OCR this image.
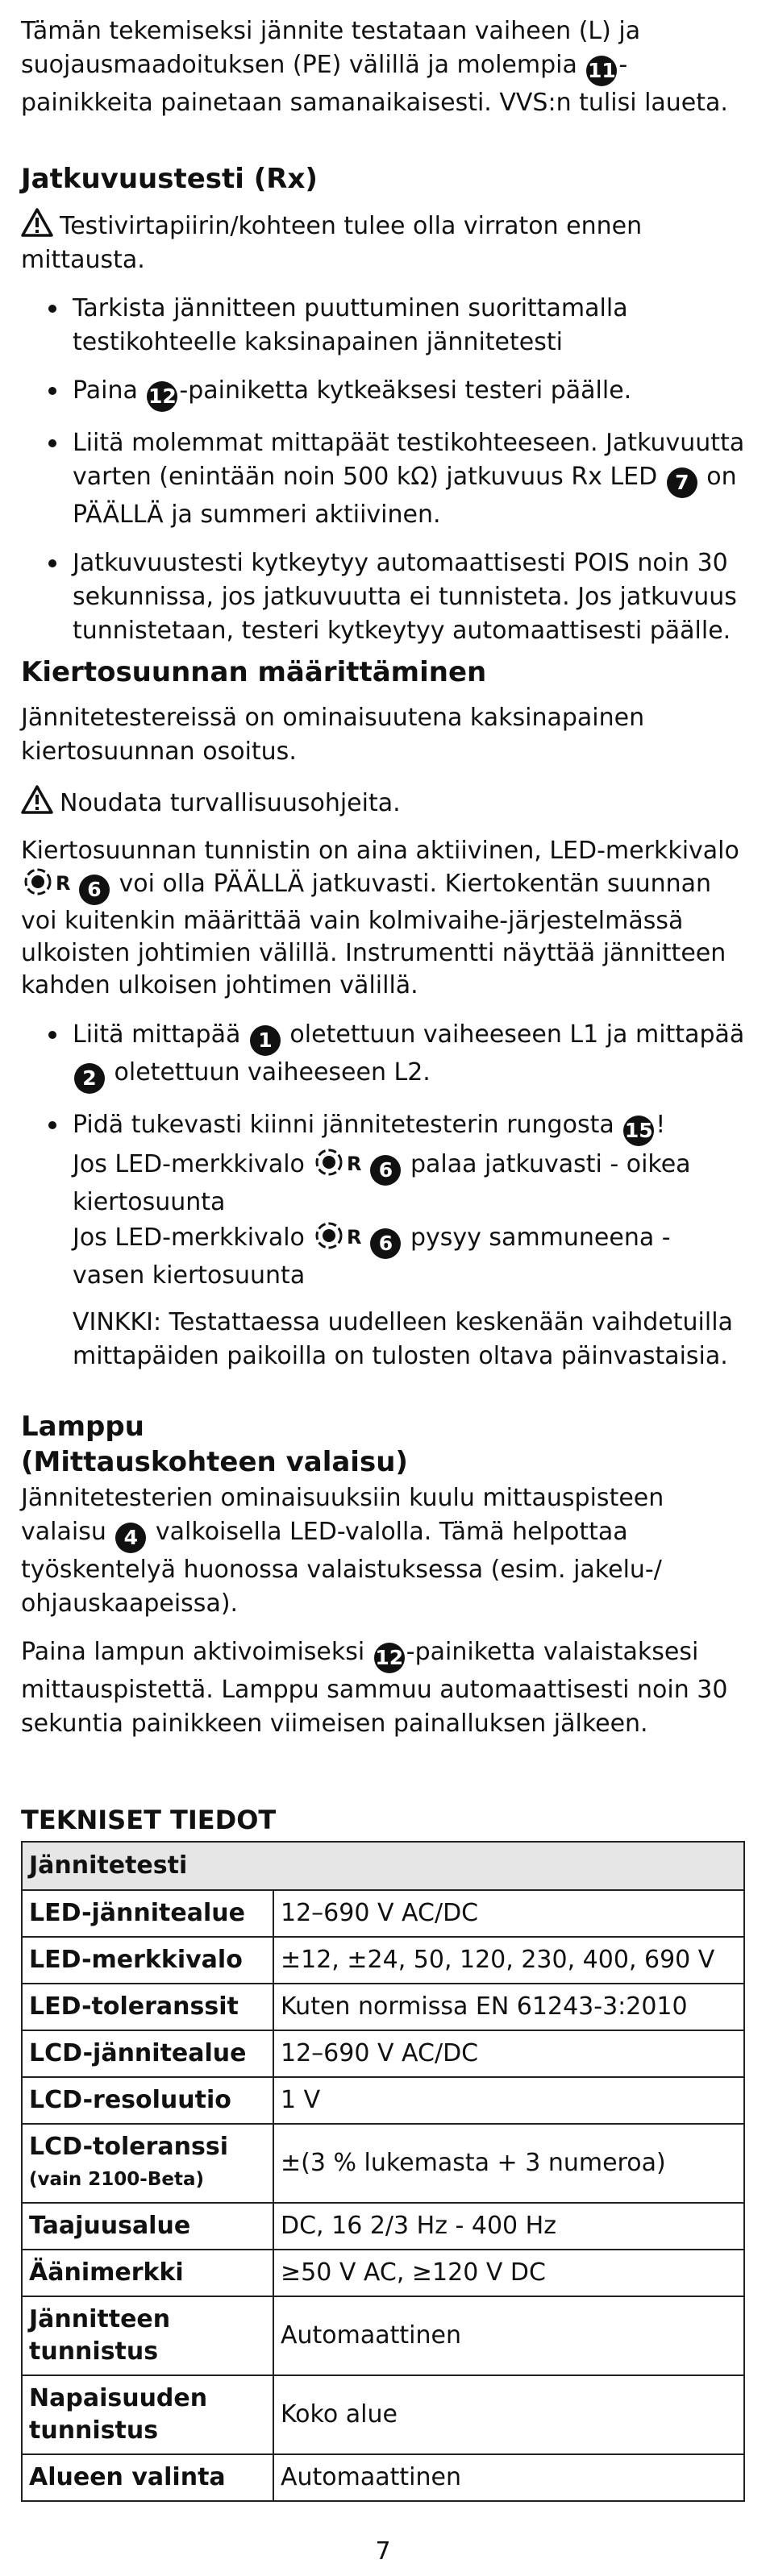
Tämän tekemiseksi jännite testataan vaiheen (L) ja suojausmaadoituksen (PE) välillä ja molempia 11 -painikkeita painetaan samanaikaisesti. VVS:n tulisi laueta.

Jatkuvuustesti (Rx)

Testivirtapiirin/kohteen tulee olla virraton ennen mittausta.

Tarkista jännitteen puuttuminen suorittamalla testikohteelle kaksinapainen jännitetesti
Paina 12 -painiketta kytkeäksesi testeri päälle.
Liitä molemmat mittapäät testikohteeseen. Jatkuvuutta varten (enintään noin 500 kΩ) jatkuvuus Rx LED 7 on PÄÄLLÄ ja summeri aktiivinen.
Jatkuvuustesti kytkeytyy automaattisesti POIS noin 30 sekunnissa, jos jatkuvuutta ei tunnisteta. Jos jatkuvuus tunnistetaan, testeri kytkeytyy automaattisesti päälle.
Kiertosuunnan määrittäminen

Jännitetestereissä on ominaisuutena kaksinapainen kiertosuunnan osoitus.

Noudata turvallisuusohjeita.

Kiertosuunnan tunnistin on aina aktiivinen, LED-merkkivalo
R 6 voi olla PÄÄLLÄ jatkuvasti. Kiertokentän suunnan voi kuitenkin määrittää vain kolmivaihe-järjestelmässä ulkoisten johtimien välillä. Instrumentti näyttää jännitteen kahden ulkoisen johtimen välillä.

Liitä mittapää 1 oletettuun vaiheeseen L1 ja mittapää 2 oletettuun vaiheeseen L2.
Pidä tukevasti kiinni jännitetesterin rungosta 15 !
Jos LED-merkkivalo R 6 palaa jatkuvasti - oikea kiertosuunta
Jos LED-merkkivalo R 6 pysyy sammuneena - vasen kiertosuunta
VINKKI: Testattaessa uudelleen keskenään vaihdetuilla mittapäiden paikoilla on tulosten oltava päinvastaisia.
Lamppu
(Mittauskohteen valaisu)

Jännitetesterien ominaisuuksiin kuulu mittauspisteen valaisu 4 valkoisella LED-valolla. Tämä helpottaa työskentelyä huonossa valaistuksessa (esim. jakelu-/ ohjauskaapeissa).

Paina lampun aktivoimiseksi 12 -painiketta valaistaksesi mittauspistettä. Lamppu sammuu automaattisesti noin 30 sekuntia painikkeen viimeisen painalluksen jälkeen.

TEKNISET TIEDOT
Jännitetesti	
LED-jännitealue	12–690 V AC/DC
LED-merkkivalo	±12, ±24, 50, 120, 230, 400, 690 V
LED-toleranssit	Kuten normissa EN 61243-3:2010
LCD-jännitealue	12–690 V AC/DC
LCD-resoluutio	1 V

LCD-toleranssi
(vain 2100-Beta)	±(3 % lukemasta + 3 numeroa)
Taajuusalue	DC, 16 2/3 Hz - 400 Hz
Äänimerkki	≥50 V AC, ≥120 V DC
Jännitteen tunnistus	Automaattinen
Napaisuuden tunnistus	Koko alue
Alueen valinta	Automaattinen
7
